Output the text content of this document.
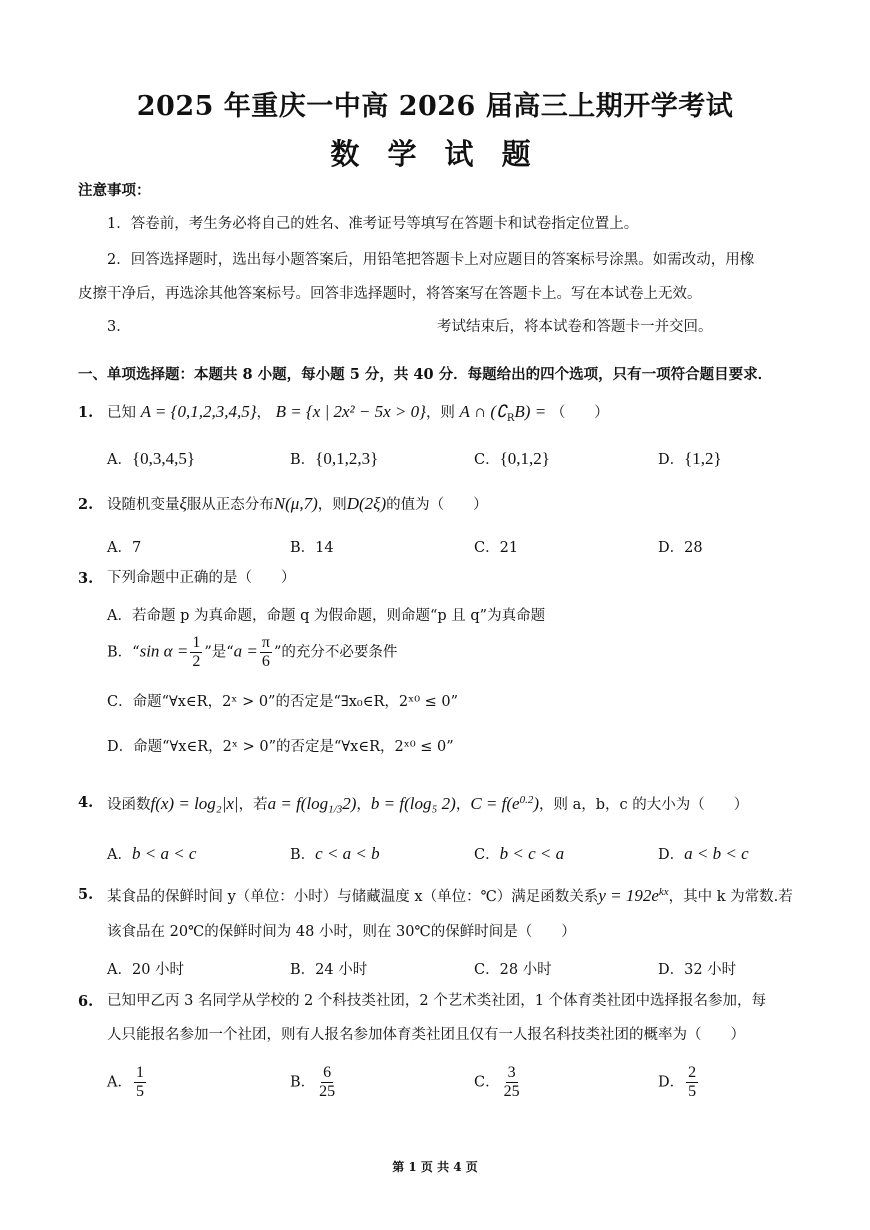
2025 年重庆一中高 2026 届高三上期开学考试
数 学 试 题
注意事项：
1．答卷前，考生务必将自己的姓名、准考证号等填写在答题卡和试卷指定位置上。
2．回答选择题时，选出每小题答案后，用铅笔把答题卡上对应题目的答案标号涂黑。如需改动，用橡
皮擦干净后，再选涂其他答案标号。回答非选择题时，将答案写在答题卡上。写在本试卷上无效。
3．	考试结束后，将本试卷和答题卡一并交回。
一、单项选择题：本题共 8 小题，每小题 5 分，共 40 分．每题给出的四个选项，只有一项符合题目要求．
1. 已知 A = {0,1,2,3,4,5}， B = {x | 2x² − 5x > 0}，则 A ∩ $(∁_RB)$ = （　　）
A．{0,3,4,5}	B．{0,1,2,3}	C．{0,1,2}	D．{1,2}
2. 设随机变量ξ服从正态分布N(μ,7)，则D(2ξ)的值为（　　）
A．7	B．14	C．21	D．28
3. 下列命题中正确的是（　　）
A．若命题 p 为真命题，命题 q 为假命题，则命题“p 且 q”为真命题
B．“sin $\alpha = \frac{1}{2}$ ”是“$a = \frac{\pi}{6}$ ”的充分不必要条件
C．命题“∀x∈R，2ˣ > 0”的否定是“∃x₀∈R，2ˣ⁰ ≤ 0”
D．命题“∀x∈R，2ˣ > 0”的否定是“∀x∈R，2ˣ⁰ ≤ 0”
4. 设函数f(x) = log₂|x|，若$a = f(\log_{1/3}2)$，b = f(log₅ 2)，$C = f(e^{0.2})$，则 a，b，c 的大小为（　　）
A．b < a < c	B．c < a < b	C．b < c < a	D．a < b < c
5. 某食品的保鲜时间 y（单位：小时）与储藏温度 x（单位：℃）满足函数关系$y = 192e^{kx}$，其中 k 为常数.若
该食品在 20℃的保鲜时间为 48 小时，则在 30℃的保鲜时间是（　　）
A．20 小时	B．24 小时	C．28 小时	D．32 小时
6. 已知甲乙丙 3 名同学从学校的 2 个科技类社团，2 个艺术类社团，1 个体育类社团中选择报名参加，每
人只能报名参加一个社团，则有人报名参加体育类社团且仅有一人报名科技类社团的概率为（　　）
A． $\frac{1}{5}$	B． $\frac{6}{25}$	C． $\frac{3}{25}$	D． $\frac{2}{5}$
第 1 页 共 4 页
